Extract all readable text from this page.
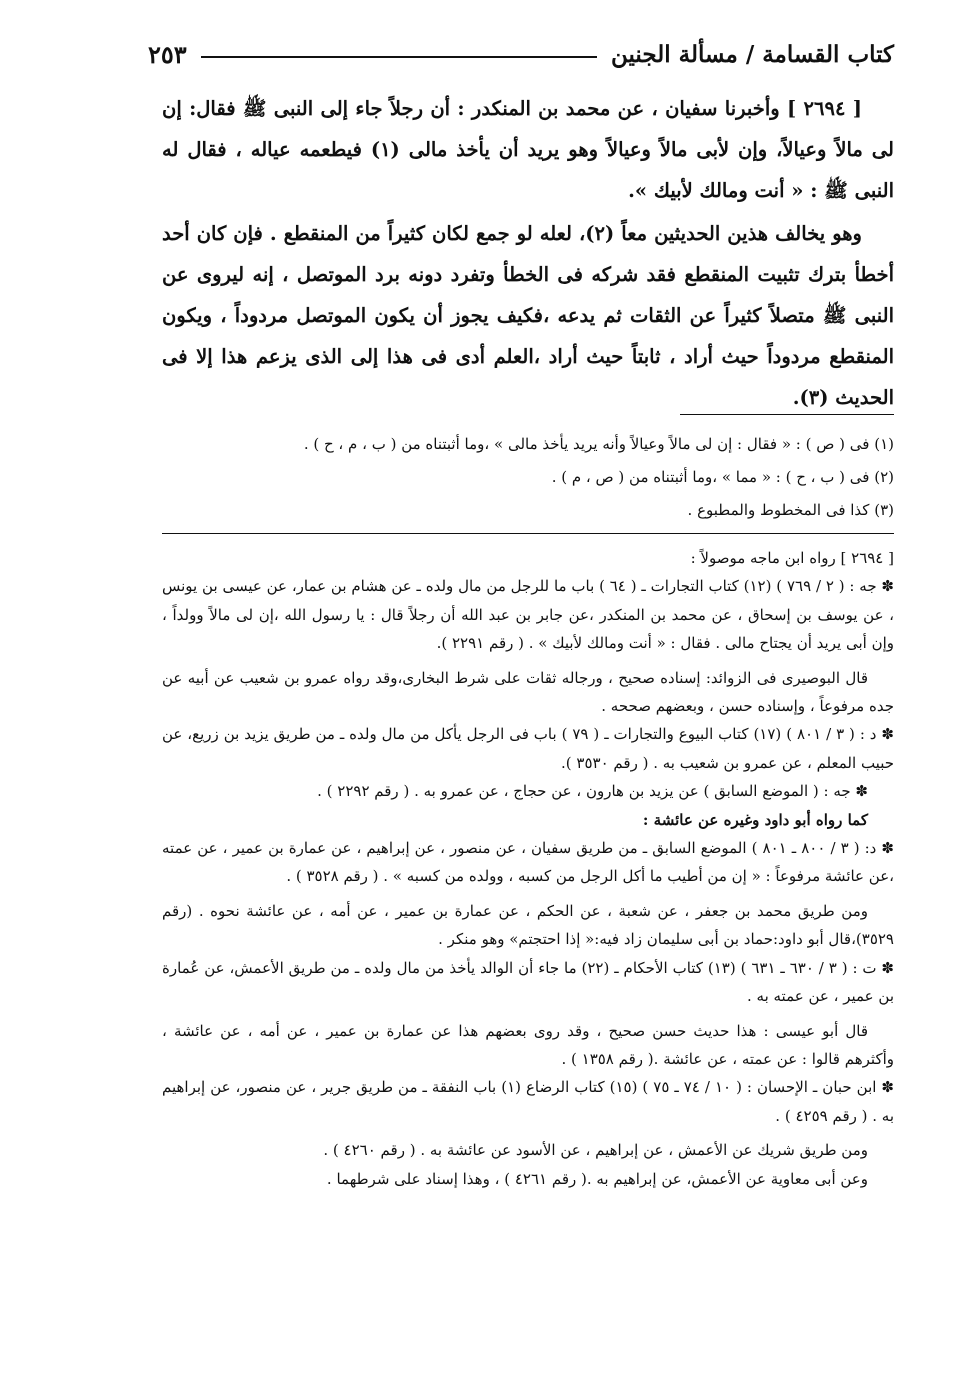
كتاب القسامة / مسألة الجنين
٢٥٣

[ ٢٦٩٤ ] وأخبرنا سفيان ، عن محمد بن المنكدر : أن رجلاً جاء إلى النبى ﷺ فقال: إن لى مالاً وعيالاً، وإن لأبى مالاً وعيالاً وهو يريد أن يأخذ مالى (١) فيطعمه عياله ، فقال له النبى ﷺ : « أنت ومالك لأبيك ».

وهو يخالف هذين الحديثين معاً (٢)، لعله لو جمع لكان كثيراً من المنقطع . فإن كان أحد أخطأ بترك تثبيت المنقطع فقد شركه فى الخطأ وتفرد دونه برد الموتصل ، إنه ليروى عن النبى ﷺ متصلاً كثيراً عن الثقات ثم يدعه ،فكيف يجوز أن يكون الموتصل مردوداً ، ويكون المنقطع مردوداً حيث أراد ، ثابتاً حيث أراد ،العلم أدى فى هذا إلى الذى يزعم هذا إلا فى الحديث (٣).

(١) فى ( ص ) : « فقال : إن لى مالاً وعيالاً وأنه يريد يأخذ مالى » ،وما أثبتناه من ( ب ، م ، ح ) .
(٢) فى ( ب ، ح ) : « مما » ،وما أثبتناه من ( ص ، م ) .
(٣) كذا فى المخطوط والمطبوع .

[ ٢٦٩٤ ] رواه ابن ماجه موصولاً :

✽ جه : ( ٢ / ٧٦٩ ) (١٢) كتاب التجارات ـ ( ٦٤ ) باب ما للرجل من مال ولده ـ عن هشام بن عمار، عن عيسى بن يونس ، عن يوسف بن إسحاق ، عن محمد بن المنكدر ،عن جابر بن عبد الله أن رجلاً قال : يا رسول الله ،إن لى مالاً وولداً ، وإن أبى يريد أن يجتاح مالى . فقال : « أنت ومالك لأبيك » . ( رقم ٢٢٩١ ).

قال البوصيرى فى الزوائد: إسناده صحيح ، ورجاله ثقات على شرط البخارى،وقد رواه عمرو بن شعيب عن أبيه عن جده مرفوعاً ، وإسناده حسن ، وبعضهم صححه .

✽ د : ( ٣ / ٨٠١ ) (١٧) كتاب البيوع والتجارات ـ ( ٧٩ ) باب فى الرجل يأكل من مال ولده ـ من طريق يزيد بن زريع، عن حبيب المعلم ، عن عمرو بن شعيب به . ( رقم ٣٥٣٠ ).

✽ جه : ( الموضع السابق ) عن يزيد بن هارون ، عن حجاج ، عن عمرو به . ( رقم ٢٢٩٢ ) .

كما رواه أبو داود وغيره عن عائشة :

✽ د: ( ٣ / ٨٠٠ ـ ٨٠١ ) الموضع السابق ـ من طريق سفيان ، عن منصور ، عن إبراهيم ، عن عمارة بن عمير ، عن عمته ،عن عائشة مرفوعاً : « إن من أطيب ما أكل الرجل من كسبه ، وولده من كسبه » . ( رقم ٣٥٢٨ ) .

ومن طريق محمد بن جعفر ، عن شعبة ، عن الحكم ، عن عمارة بن عمير ، عن أمه ، عن عائشة نحوه . (رقم ٣٥٢٩)،قال أبو داود:حماد بن أبى سليمان زاد فيه:« إذا احتجتم» وهو منكر .

✽ ت : ( ٣ / ٦٣٠ ـ ٦٣١ ) (١٣) كتاب الأحكام ـ (٢٢) ما جاء أن الوالد يأخذ من مال ولده ـ من طريق الأعمش، عن عُمارة بن عمير ، عن عمته به .

قال أبو عيسى : هذا حديث حسن صحيح ، وقد روى بعضهم هذا عن عمارة بن عمير ، عن أمه ، عن عائشة ، وأكثرهم قالوا : عن عمته ، عن عائشة .( رقم ١٣٥٨ ) .

✽ ابن حبان ـ الإحسان : ( ١٠ / ٧٤ ـ ٧٥ ) (١٥) كتاب الرضاع (١) باب النفقة ـ من طريق جرير ، عن منصور، عن إبراهيم به . ( رقم ٤٢٥٩ ) .

ومن طريق شريك عن الأعمش ، عن إبراهيم ، عن الأسود عن عائشة به . ( رقم ٤٢٦٠ ) .

وعن أبى معاوية عن الأعمش، عن إبراهيم به .( رقم ٤٢٦١ ) ، وهذا إسناد على شرطهما .
